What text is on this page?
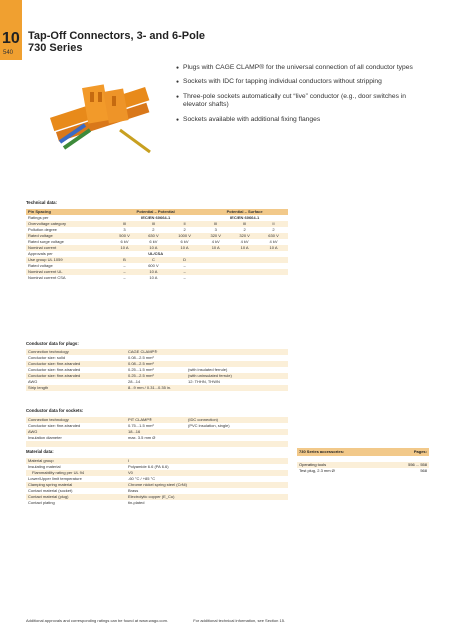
10
540
Tap-Off Connectors, 3- and 6-Pole
730 Series
● Plugs with CAGE CLAMP® for the universal connection of all conductor types
● Sockets with IDC for tapping individual conductors without stripping
● Three-pole sockets automatically cut “live” conductor (e.g., door switches in elevator shafts)
● Sockets available with additional fixing flanges
Technical data:
Pin Spacing	Potential – Potential			Potential – Surface		
Ratings per	IEC/EN 60664-1			IEC/EN 60664-1		
Overvoltage category	III	III	II	III	III	II
Pollution degree	3	2	2	3	2	2
Rated voltage	500 V	630 V	1000 V	320 V	320 V	630 V
Rated surge voltage	6 kV	6 kV	6 kV	4 kV	4 kV	4 kV
Nominal current	10 A	10 A	10 A	10 A	10 A	10 A
Approvals per	UL/CSA					
Use group UL 1059	B	C	D			
Rated voltage	–	600 V	–			
Nominal current UL	–	10 A	–			
Nominal current CSA	–	10 A	–			
Conductor data for plugs:
Connection technology	CAGE CLAMP®	
Conductor size: solid	0.08...2.5 mm²	
Conductor size: fine-stranded	0.08...2.5 mm²	
Conductor size: fine-stranded	0.25...1.5 mm²	(with insulated ferrule)
Conductor size: fine-stranded	0.25...2.5 mm²	(with uninsulated ferrule)
AWG	28...14	12: THHN, THWN
Strip length	8...9 mm / 0.31...0.35 in.	
Conductor data for sockets:
Connection technology	PIT CLAMP®	(IDC connection)
Conductor size: fine-stranded	0.75...1.5 mm²	(PVC insulation, single)
AWG	18...16	
Insulation diameter	max. 3.5 mm Ø	

Material data:
Material group	I
Insulating material	Polyamide 6.6 (PA 6.6)
Flammability rating per UL 94	V0
Lower/Upper limit temperature	-60 °C / +85 °C
Clamping spring material	Chrome nickel spring steel (CrNi)
Contact material (socket)	Brass
Contact material (plug)	Electrolytic copper (E_Cu)
Contact plating	tin-plated
730 Series accessories:	Pages:
Operating tools	556 ... 558
Test plug, 2.3 mm Ø	568
Additional approvals and corresponding ratings can be found at www.wago.com.	For additional technical information, see Section 15.
